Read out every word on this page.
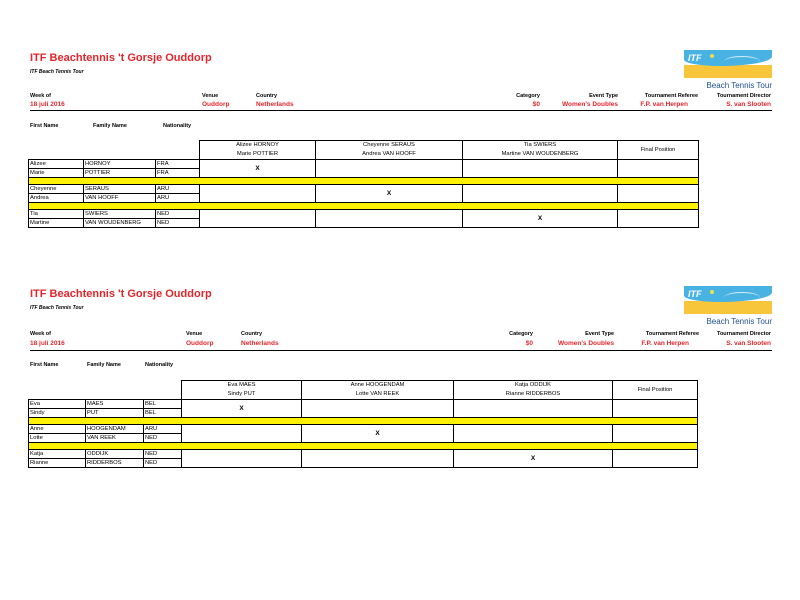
ITF Beachtennis 't Gorsje Ouddorp
ITF Beach Tennis Tour
ITF
Beach Tennis Tour
Week of
18 juli 2016
Venue
Ouddorp
Country
Netherlands
Category
$0
Event Type
Women's Doubles
Tournament Referee
F.P. van Herpen
Tournament Director
S. van Slooten
First Name	Family Name	Nationality
			Alizee HORNOY	Cheyenne SERAUS	Tia SWIERS	Final Position
			Marie POTTIER	Andrea VAN HOOFF	Martine VAN WOUDENBERG	
Alizee	HORNOY	FRA	X			
Marie	POTTIER	FRA				

Cheyenne	SERAUS	ARU		X		
Andrea	VAN HOOFF	ARU				

Tia	SWIERS	NED			X	
Martine	VAN WOUDENBERG	NED				
ITF Beachtennis 't Gorsje Ouddorp
ITF Beach Tennis Tour
ITF
Beach Tennis Tour
Week of
18 juli 2016
Venue
Ouddorp
Country
Netherlands
Category
$0
Event Type
Women's Doubles
Tournament Referee
F.P. van Herpen
Tournament Director
S. van Slooten
First Name	Family Name	Nationality
			Eva MAES	Anne HOOGENDAM	Katja ODDIJK	Final Position
			Sindy PUT	Lotte VAN REEK	Rianne RIDDERBOS	
Eva	MAES	BEL	X			
Sindy	PUT	BEL				

Anne	HOOGENDAM	ARU		X		
Lotte	VAN REEK	NED				

Katja	ODDIJK	NED			X	
Rianne	RIDDERBOS	NED				
